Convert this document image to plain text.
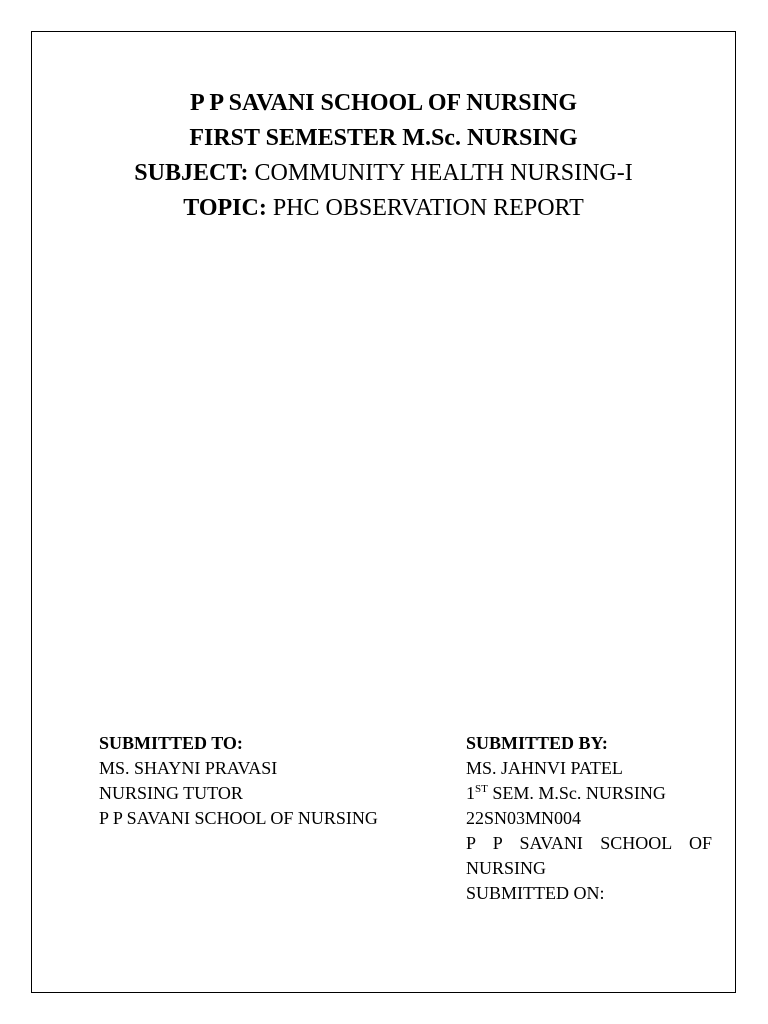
P P SAVANI SCHOOL OF NURSING
FIRST SEMESTER M.Sc. NURSING
SUBJECT: COMMUNITY HEALTH NURSING-I
TOPIC: PHC OBSERVATION REPORT
SUBMITTED TO:
MS. SHAYNI PRAVASI
NURSING TUTOR
P P SAVANI SCHOOL OF NURSING
SUBMITTED BY:
MS. JAHNVI PATEL
1ST SEM. M.Sc. NURSING
22SN03MN004
P P SAVANI SCHOOL OF
NURSING
SUBMITTED ON:
